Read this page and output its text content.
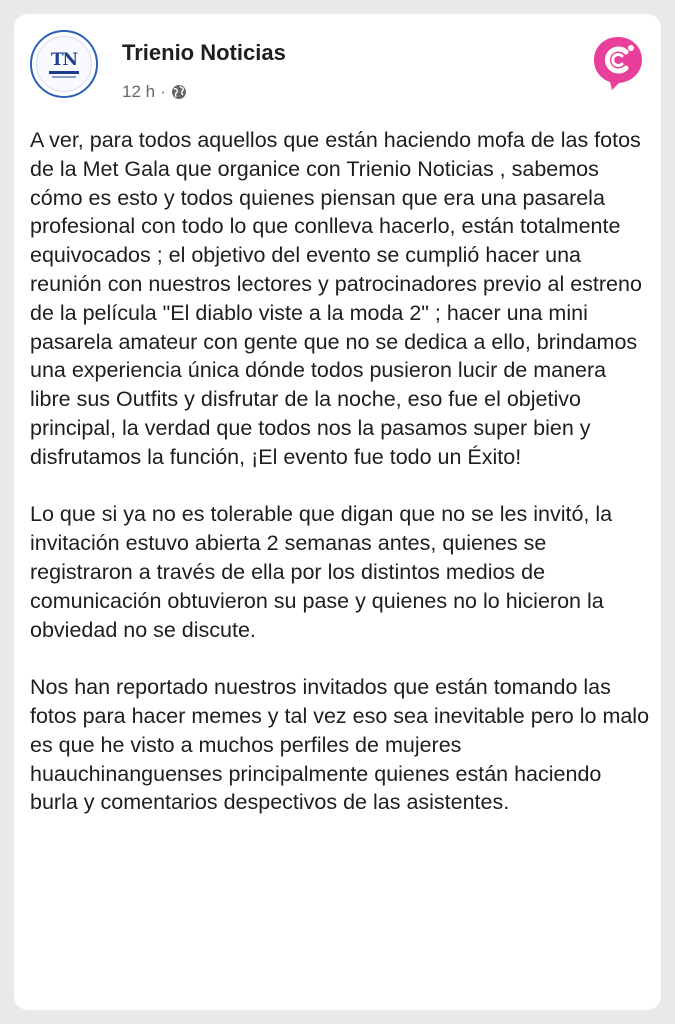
TN Trienio Noticias
12 h ·

A ver, para todos aquellos que están haciendo mofa de las fotos de la Met Gala que organice con Trienio Noticias , sabemos cómo es esto y todos quienes piensan que era una pasarela profesional con todo lo que conlleva hacerlo, están totalmente equivocados ; el objetivo del evento se cumplió hacer una reunión con nuestros lectores y patrocinadores previo al estreno de la película "El diablo viste a la moda 2" ; hacer una mini pasarela amateur con gente que no se dedica a ello, brindamos una experiencia única dónde todos pusieron lucir de manera libre sus Outfits y disfrutar de la noche, eso fue el objetivo principal, la verdad que todos nos la pasamos super bien y disfrutamos la función, ¡El evento fue todo un Éxito!

Lo que si ya no es tolerable que digan que no se les invitó, la invitación estuvo abierta 2 semanas antes, quienes se registraron a través de ella por los distintos medios de comunicación obtuvieron su pase y quienes no lo hicieron la obviedad no se discute.

Nos han reportado nuestros invitados que están tomando las fotos para hacer memes y tal vez eso sea inevitable pero lo malo es que he visto a muchos perfiles de mujeres huauchinanguenses principalmente quienes están haciendo burla y comentarios despectivos de las asistentes.
